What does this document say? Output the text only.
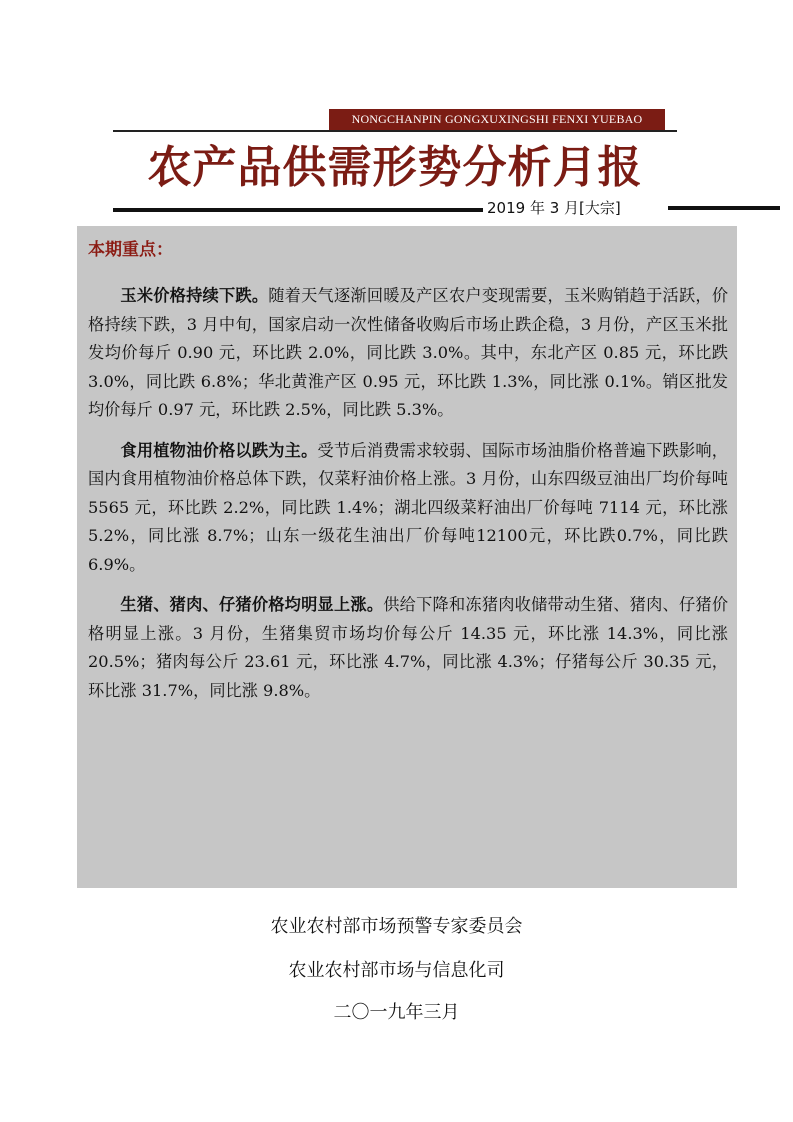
NONGCHANPIN GONGXUXINGSHI FENXI YUEBAO
农产品供需形势分析月报
2019 年 3 月[大宗]
本期重点：

玉米价格持续下跌。随着天气逐渐回暖及产区农户变现需要，玉米购销趋于活跃，价格持续下跌，3 月中旬，国家启动一次性储备收购后市场止跌企稳，3 月份，产区玉米批发均价每斤 0.90 元，环比跌 2.0%，同比跌 3.0%。其中，东北产区 0.85 元，环比跌 3.0%，同比跌 6.8%；华北黄淮产区 0.95 元，环比跌 1.3%，同比涨 0.1%。销区批发均价每斤 0.97 元，环比跌 2.5%，同比跌 5.3%。

食用植物油价格以跌为主。受节后消费需求较弱、国际市场油脂价格普遍下跌影响，国内食用植物油价格总体下跌，仅菜籽油价格上涨。3 月份，山东四级豆油出厂均价每吨 5565 元，环比跌 2.2%，同比跌 1.4%；湖北四级菜籽油出厂价每吨 7114 元，环比涨 5.2%，同比涨 8.7%；山东一级花生油出厂价每吨12100元，环比跌0.7%，同比跌6.9%。

生猪、猪肉、仔猪价格均明显上涨。供给下降和冻猪肉收储带动生猪、猪肉、仔猪价格明显上涨。3 月份，生猪集贸市场均价每公斤 14.35 元，环比涨 14.3%，同比涨 20.5%；猪肉每公斤 23.61 元，环比涨 4.7%，同比涨 4.3%；仔猪每公斤 30.35 元，环比涨 31.7%，同比涨 9.8%。

农业农村部市场预警专家委员会
农业农村部市场与信息化司
二〇一九年三月
